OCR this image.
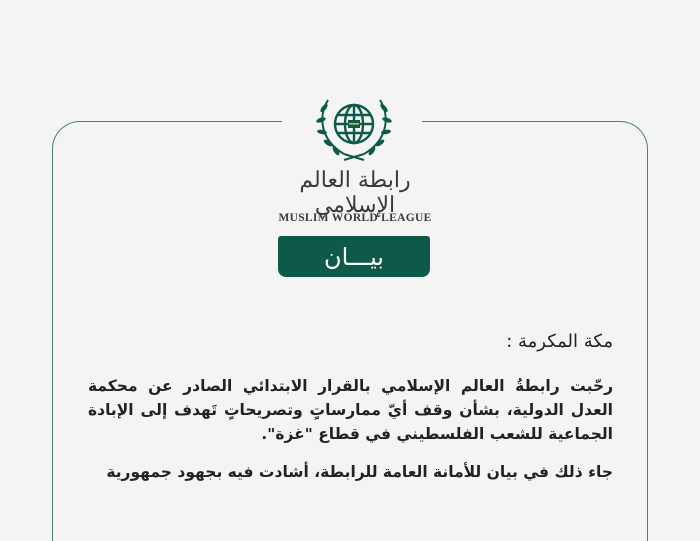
رابطة العالم الإسلامي
MUSLIM WORLD LEAGUE
بيـــان
مكة المكرمة :

رحّبت رابطةُ العالم الإسلامي بالقرار الابتدائي الصادر عن محكمة العدل الدولية، بشأن وقف أيّ ممارساتٍ وتصريحاتٍ تَهدف إلى الإبادة الجماعية للشعب الفلسطيني في قطاع "غزة".

جاء ذلك في بيان للأمانة العامة للرابطة، أشادت فيه بجهود جمهورية
